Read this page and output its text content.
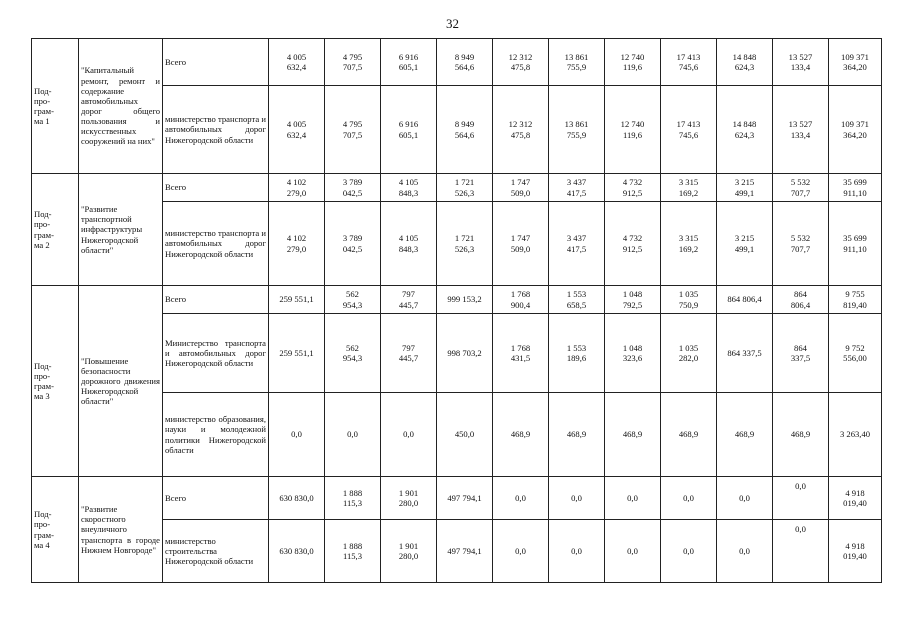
32
Под-
про-
грам-
ма 1	"Капитальный ремонт, ремонт и содержание автомобильных дорог общего пользования и искусственных сооружений на них"	Всего	4 005
632,4	4 795
707,5	6 916
605,1	8 949
564,6	12 312
475,8	13 861
755,9	12 740
119,6	17 413
745,6	14 848
624,3	13 527
133,4	109 371
364,20

		министерство транспорта и автомобильных дорог Нижегородской области	4 005
632,4	4 795
707,5	6 916
605,1	8 949
564,6	12 312
475,8	13 861
755,9	12 740
119,6	17 413
745,6	14 848
624,3	13 527
133,4	109 371
364,20

Под-
про-
грам-
ма 2	"Развитие транспортной инфраструктуры Нижегородской области"	Всего	4 102
279,0	3 789
042,5	4 105
848,3	1 721
526,3	1 747
509,0	3 437
417,5	4 732
912,5	3 315
169,2	3 215
499,1	5 532
707,7	35 699
911,10

		министерство транспорта и автомобильных дорог Нижегородской области	4 102
279,0	3 789
042,5	4 105
848,3	1 721
526,3	1 747
509,0	3 437
417,5	4 732
912,5	3 315
169,2	3 215
499,1	5 532
707,7	35 699
911,10

Под-
про-
грам-
ма 3	"Повышение безопасности дорожного движения Нижегородской области"	Всего	259 551,1	562
954,3	797
445,7	999 153,2	1 768
900,4	1 553
658,5	1 048
792,5	1 035
750,9	864 806,4	864
806,4	9 755
819,40

		Министерство транспорта и автомобильных дорог Нижегородской области	259 551,1	562
954,3	797
445,7	998 703,2	1 768
431,5	1 553
189,6	1 048
323,6	1 035
282,0	864 337,5	864
337,5	9 752
556,00

		министерство образования, науки и молодежной политики Нижегородской области	0,0	0,0	0,0	450,0	468,9	468,9	468,9	468,9	468,9	468,9	3 263,40

Под-
про-
грам-
ма 4	"Развитие скоростного внеуличного транспорта в городе Нижнем Новгороде"	Всего	630 830,0	1 888
115,3	1 901
280,0	497 794,1	0,0	0,0	0,0	0,0	0,0	0,0	4 918
019,40

		министерство строительства Нижегородской области	630 830,0	1 888
115,3	1 901
280,0	497 794,1	0,0	0,0	0,0	0,0	0,0	0,0	4 918
019,40
